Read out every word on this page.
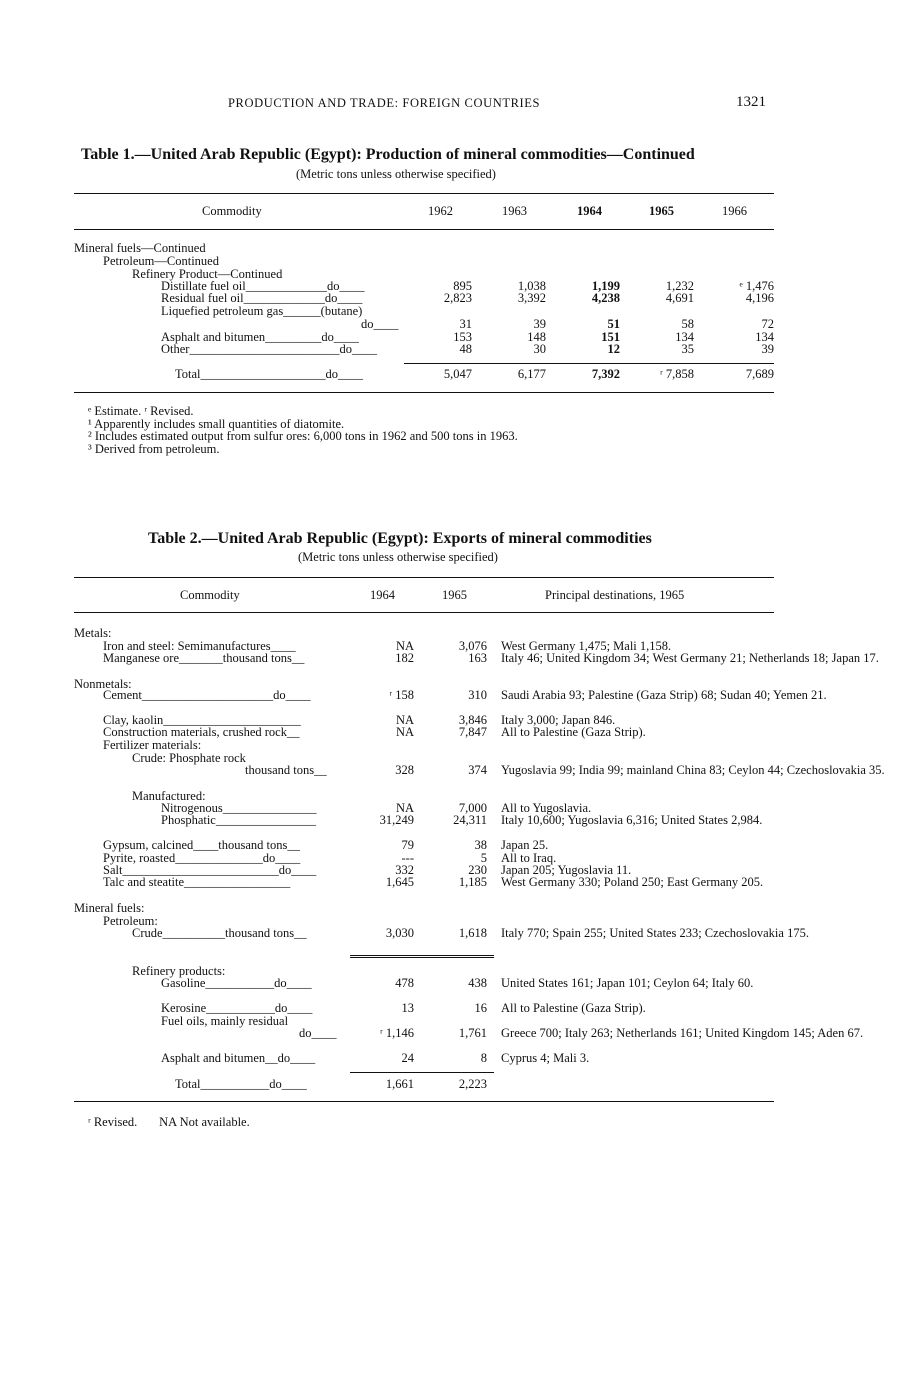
PRODUCTION AND TRADE: FOREIGN COUNTRIES	1321
Table 1.—United Arab Republic (Egypt): Production of mineral commodities—Continued
(Metric tons unless otherwise specified)
Commodity	1962	1963	1964	1965	1966
Mineral fuels—Continued
Petroleum—Continued
Refinery Product—Continued
Distillate fuel oil_____________do____	895	1,038	1,199	1,232	ᵉ 1,476
Residual fuel oil_____________do____	2,823	3,392	4,238	4,691	4,196
Liquefied petroleum gas______(butane)
do____	31	39	51	58	72
Asphalt and bitumen_________do____	153	148	151	134	134
Other________________________do____	48	30	12	35	39
Total____________________do____	5,047	6,177	7,392	ʳ 7,858	7,689
ᵉ Estimate. ʳ Revised.
¹ Apparently includes small quantities of diatomite.
² Includes estimated output from sulfur ores: 6,000 tons in 1962 and 500 tons in 1963.
³ Derived from petroleum.
Table 2.—United Arab Republic (Egypt): Exports of mineral commodities
(Metric tons unless otherwise specified)
Commodity	1964	1965	Principal destinations, 1965
Metals:
Iron and steel: Semimanufactures____	NA	3,076 West Germany 1,475; Mali 1,158.
Manganese ore_______thousand tons__	182	163 Italy 46; United Kingdom 34; West Germany 21; Netherlands 18; Japan 17.
Nonmetals:
Cement_____________________do____	ʳ 158	310 Saudi Arabia 93; Palestine (Gaza Strip) 68; Sudan 40; Yemen 21.
Clay, kaolin______________________	NA	3,846 Italy 3,000; Japan 846.
Construction materials, crushed rock__	NA	7,847 All to Palestine (Gaza Strip).
Fertilizer materials:
Crude: Phosphate rock
thousand tons__	328	374 Yugoslavia 99; India 99; mainland China 83; Ceylon 44; Czechoslovakia 35.
Manufactured:
Nitrogenous_______________	NA	7,000 All to Yugoslavia.
Phosphatic________________	31,249	24,311 Italy 10,600; Yugoslavia 6,316; United States 2,984.
Gypsum, calcined____thousand tons__	79	38 Japan 25.
Pyrite, roasted______________do____	---	5 All to Iraq.
Salt_________________________do____	332	230 Japan 205; Yugoslavia 11.
Talc and steatite_________________	1,645	1,185 West Germany 330; Poland 250; East Germany 205.
Mineral fuels:
Petroleum:
Crude__________thousand tons__	3,030	1,618 Italy 770; Spain 255; United States 233; Czechoslovakia 175.
Refinery products:
Gasoline___________do____	478	438 United States 161; Japan 101; Ceylon 64; Italy 60.
Kerosine___________do____	13	16 All to Palestine (Gaza Strip).
Fuel oils, mainly residual
do____	ʳ 1,146	1,761 Greece 700; Italy 263; Netherlands 161; United Kingdom 145; Aden 67.
Asphalt and bitumen__do____	24	8 Cyprus 4; Mali 3.
Total___________do____	1,661	2,223
ʳ Revised.       NA Not available.
